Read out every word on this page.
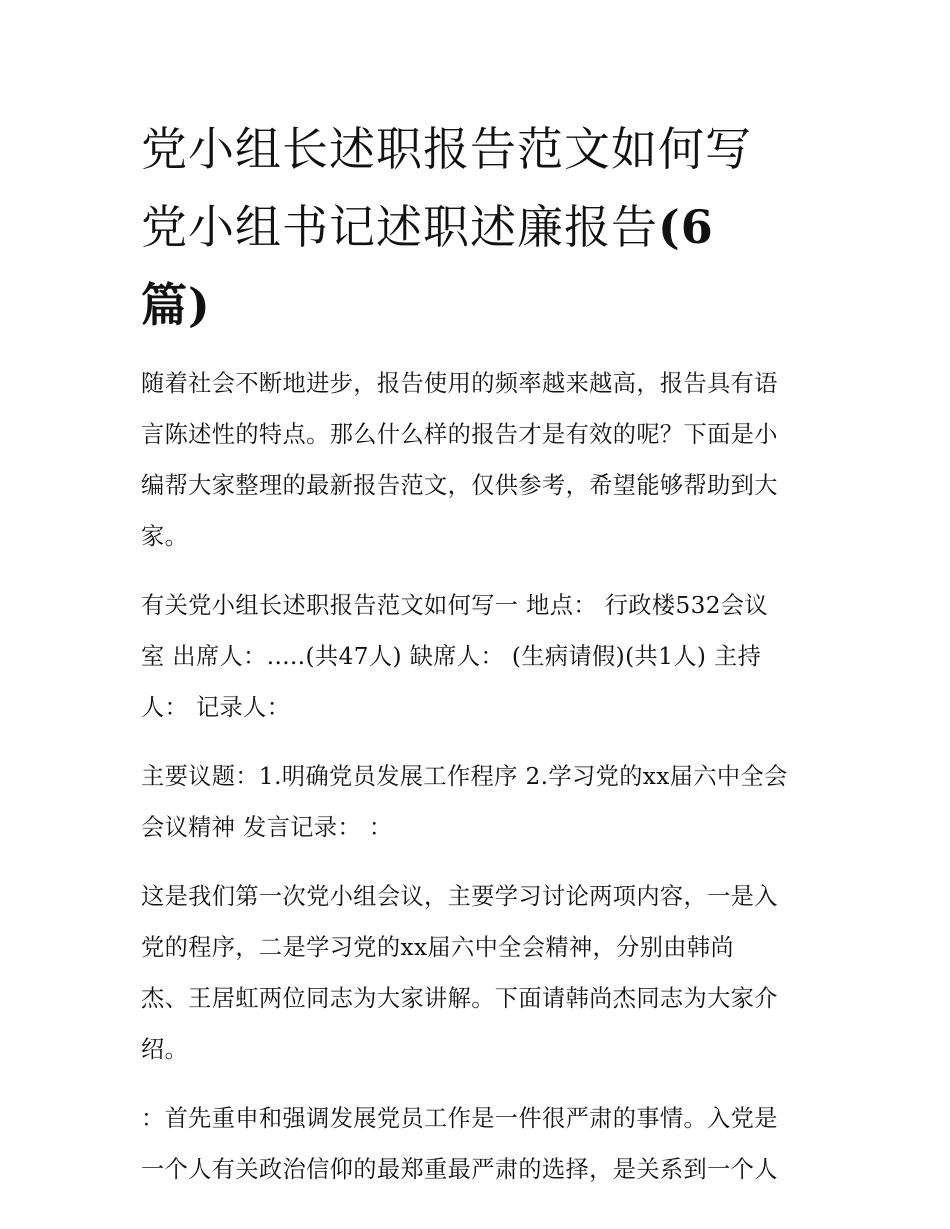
党小组长述职报告范文如何写
党小组书记述职述廉报告(6
篇)

随着社会不断地进步，报告使用的频率越来越高，报告具有语
言陈述性的特点。那么什么样的报告才是有效的呢？下面是小
编帮大家整理的最新报告范文，仅供参考，希望能够帮助到大
家。

有关党小组长述职报告范文如何写一 地点： 行政楼532会议
室 出席人：.....(共47人) 缺席人： (生病请假)(共1人) 主持
人： 记录人：

主要议题：1.明确党员发展工作程序 2.学习党的xx届六中全会
会议精神 发言记录： ：

这是我们第一次党小组会议，主要学习讨论两项内容，一是入
党的程序，二是学习党的xx届六中全会精神，分别由韩尚
杰、王居虹两位同志为大家讲解。下面请韩尚杰同志为大家介
绍。

：首先重申和强调发展党员工作是一件很严肃的事情。入党是
一个人有关政治信仰的最郑重最严肃的选择，是关系到一个人
